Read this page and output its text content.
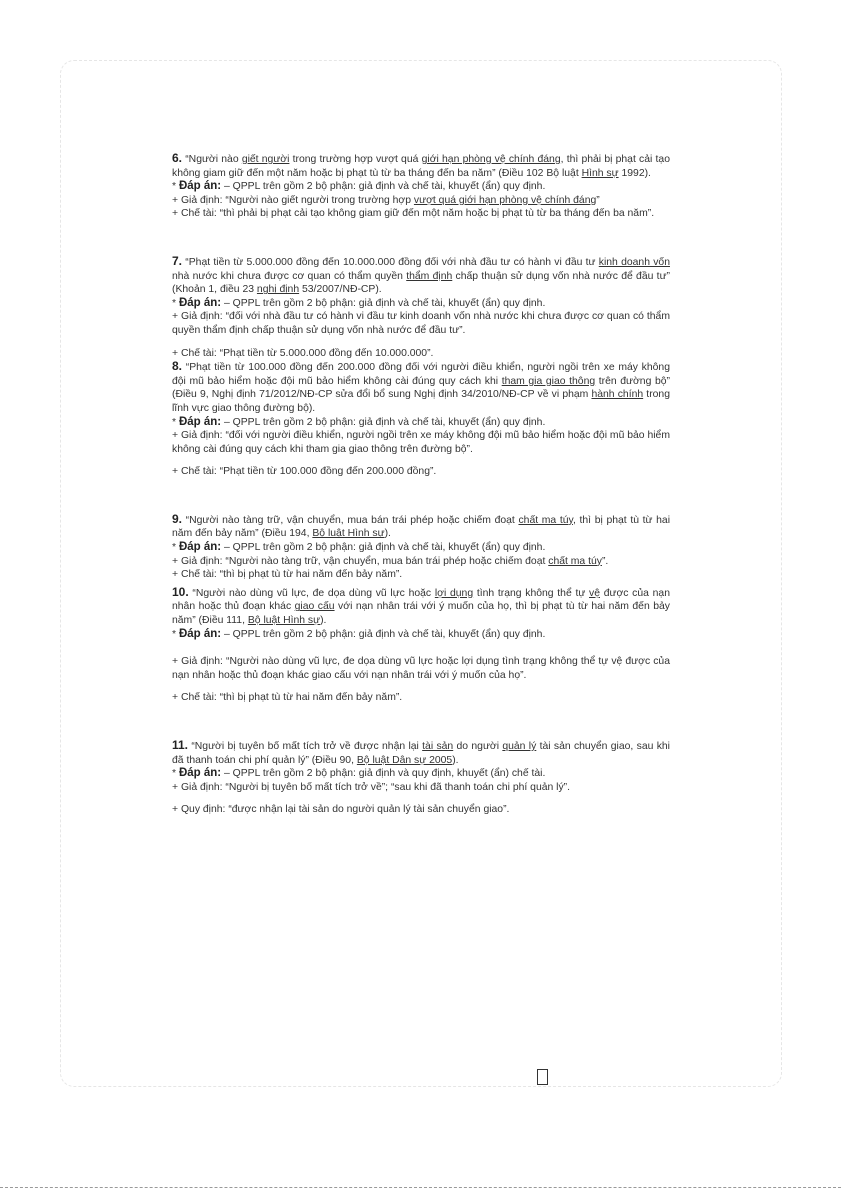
6. “Người nào giết người trong trường hợp vượt quá giới hạn phòng vệ chính đáng, thì phải bị phạt cải tạo không giam giữ đến một năm hoặc bị phạt tù từ ba tháng đến ba năm” (Điều 102 Bộ luật Hình sự 1992).

* Đáp án: – QPPL trên gồm 2 bộ phận: giả định và chế tài, khuyết (ẩn) quy định.

+ Giả định: “Người nào giết người trong trường hợp vượt quá giới hạn phòng vệ chính đáng”

+ Chế tài: “thì phải bị phạt cải tạo không giam giữ đến một năm hoặc bị phạt tù từ ba tháng đến ba năm”.

7. “Phạt tiền từ 5.000.000 đồng đến 10.000.000 đồng đối với nhà đầu tư có hành vi đầu tư kinh doanh vốn nhà nước khi chưa được cơ quan có thẩm quyền thẩm định chấp thuận sử dụng vốn nhà nước để đầu tư” (Khoản 1, điều 23 nghị định 53/2007/NĐ-CP).

* Đáp án: – QPPL trên gồm 2 bộ phận: giả định và chế tài, khuyết (ẩn) quy định.

+ Giả định: “đối với nhà đầu tư có hành vi đầu tư kinh doanh vốn nhà nước khi chưa được cơ quan có thẩm quyền thẩm định chấp thuận sử dụng vốn nhà nước để đầu tư”.

+ Chế tài: “Phạt tiền từ 5.000.000 đồng đến 10.000.000”.

8. “Phạt tiền từ 100.000 đồng đến 200.000 đồng đối với người điều khiển, người ngồi trên xe máy không đội mũ bảo hiểm hoặc đội mũ bảo hiểm không cài đúng quy cách khi tham gia giao thông trên đường bộ” (Điều 9, Nghị định 71/2012/NĐ-CP sửa đổi bổ sung Nghị định 34/2010/NĐ-CP về vi phạm hành chính trong lĩnh vực giao thông đường bộ).

* Đáp án: – QPPL trên gồm 2 bộ phận: giả định và chế tài, khuyết (ẩn) quy định.

+ Giả định: “đối với người điều khiển, người ngồi trên xe máy không đội mũ bảo hiểm hoặc đội mũ bảo hiểm không cài đúng quy cách khi tham gia giao thông trên đường bộ”.

+ Chế tài: “Phạt tiền từ 100.000 đồng đến 200.000 đồng”.

9. “Người nào tàng trữ, vận chuyển, mua bán trái phép hoặc chiếm đoạt chất ma túy, thì bị phạt tù từ hai năm đến bảy năm” (Điều 194, Bộ luật Hình sự).

* Đáp án: – QPPL trên gồm 2 bộ phận: giả định và chế tài, khuyết (ẩn) quy định.

+ Giả định: “Người nào tàng trữ, vận chuyển, mua bán trái phép hoặc chiếm đoạt chất ma túy”.

+ Chế tài: “thì bị phạt tù từ hai năm đến bảy năm”.

10. “Người nào dùng vũ lực, đe dọa dùng vũ lực hoặc lợi dụng tình trạng không thể tự vệ được của nạn nhân hoặc thủ đoạn khác giao cấu với nạn nhân trái với ý muốn của họ, thì bị phạt tù từ hai năm đến bảy năm” (Điều 111, Bộ luật Hình sự).

* Đáp án: – QPPL trên gồm 2 bộ phận: giả định và chế tài, khuyết (ẩn) quy định.

+ Giả định: “Người nào dùng vũ lực, đe dọa dùng vũ lực hoặc lợi dụng tình trạng không thể tự vệ được của nạn nhân hoặc thủ đoạn khác giao cấu với nạn nhân trái với ý muốn của họ”.

+ Chế tài: “thì bị phạt tù từ hai năm đến bảy năm”.

11. “Người bị tuyên bố mất tích trở về được nhận lại tài sản do người quản lý tài sản chuyển giao, sau khi đã thanh toán chi phí quản lý” (Điều 90, Bộ luật Dân sự 2005).

* Đáp án: – QPPL trên gồm 2 bộ phận: giả định và quy định, khuyết (ẩn) chế tài.

+ Giả định: “Người bị tuyên bố mất tích trở về”; “sau khi đã thanh toán chi phí quản lý”.

+ Quy định: “được nhận lại tài sản do người quản lý tài sản chuyển giao”.
